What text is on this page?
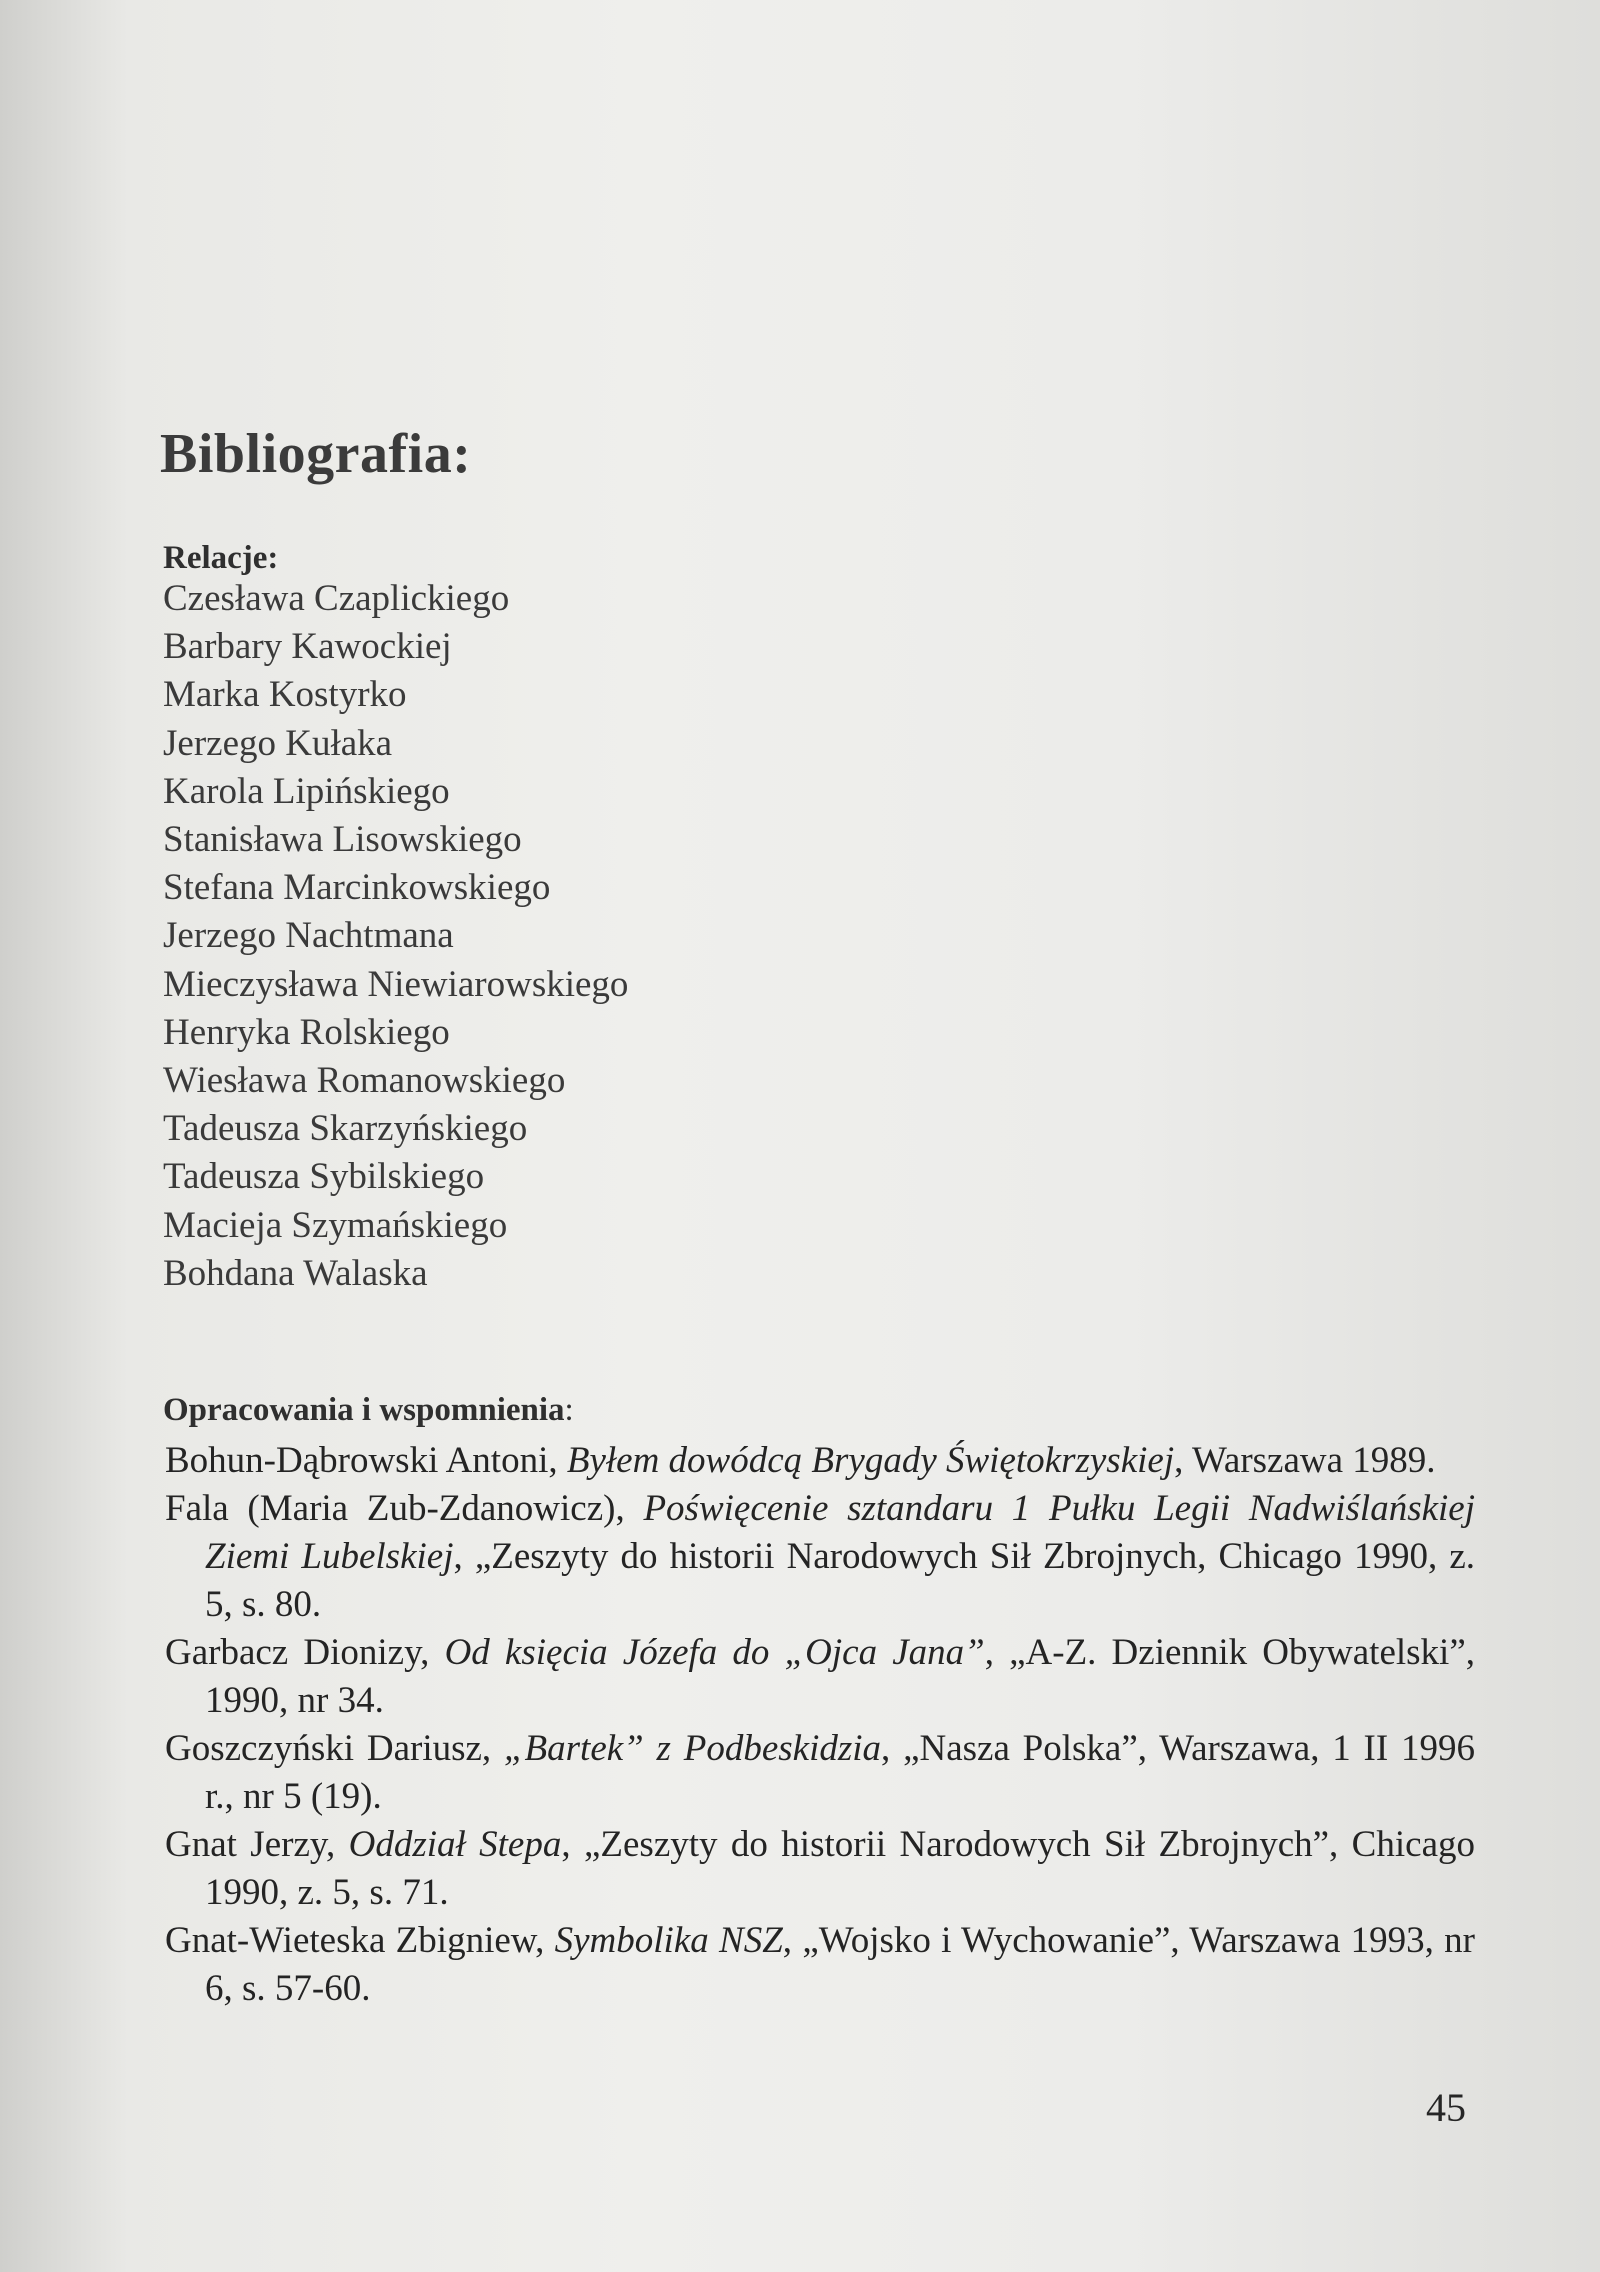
Bibliografia:
Relacje:
Czesława Czaplickiego
Barbary Kawockiej
Marka Kostyrko
Jerzego Kułaka
Karola Lipińskiego
Stanisława Lisowskiego
Stefana Marcinkowskiego
Jerzego Nachtmana
Mieczysława Niewiarowskiego
Henryka Rolskiego
Wiesława Romanowskiego
Tadeusza Skarzyńskiego
Tadeusza Sybilskiego
Macieja Szymańskiego
Bohdana Walaska
Opracowania i wspomnienia:
Bohun-Dąbrowski Antoni, Byłem dowódcą Brygady Świętokrzyskiej, Warszawa 1989.
Fala (Maria Zub-Zdanowicz), Poświęcenie sztandaru 1 Pułku Legii Nadwiślańskiej Ziemi Lubelskiej, „Zeszyty do historii Narodowych Sił Zbrojnych, Chicago 1990, z. 5, s. 80.
Garbacz Dionizy, Od księcia Józefa do „Ojca Jana”, „A-Z. Dziennik Obywatelski”, 1990, nr 34.
Goszczyński Dariusz, „Bartek” z Podbeskidzia, „Nasza Polska”, Warszawa, 1 II 1996 r., nr 5 (19).
Gnat Jerzy, Oddział Stepa, „Zeszyty do historii Narodowych Sił Zbrojnych”, Chicago 1990, z. 5, s. 71.
Gnat-Wieteska Zbigniew, Symbolika NSZ, „Wojsko i Wychowanie”, Warszawa 1993, nr 6, s. 57-60.
45
